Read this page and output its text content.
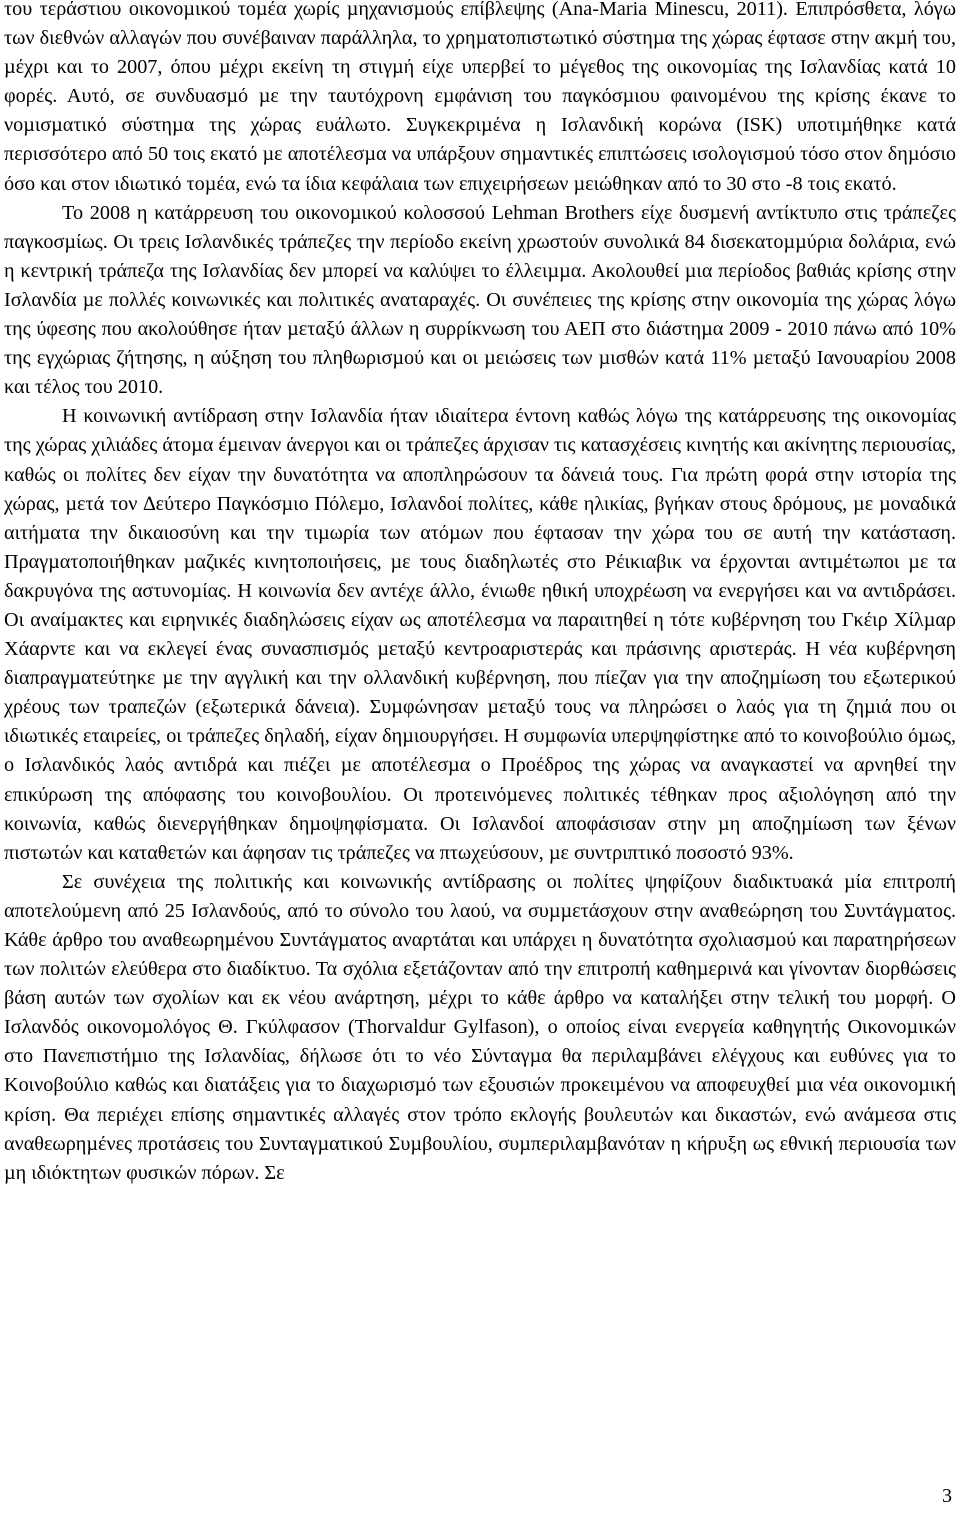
του τεράστιου οικονοµικού τοµέα χωρίς µηχανισµούς επίβλεψης (Ana-Maria Minescu, 2011). Επιπρόσθετα, λόγω των διεθνών αλλαγών που συνέβαιναν παράλληλα, το χρηµατοπιστωτικό σύστηµα της χώρας έφτασε στην ακµή του, µέχρι και το 2007, όπου µέχρι εκείνη τη στιγµή είχε υπερβεί το µέγεθος της οικονοµίας της Ισλανδίας κατά 10 φορές. Αυτό, σε συνδυασµό µε την ταυτόχρονη εµφάνιση του παγκόσµιου φαινοµένου της κρίσης έκανε το νοµισµατικό σύστηµα της χώρας ευάλωτο. Συγκεκριµένα η Ισλανδική κορώνα (ISK) υποτιµήθηκε κατά περισσότερο από 50 τοις εκατό µε αποτέλεσµα να υπάρξουν σηµαντικές επιπτώσεις ισολογισµού τόσο στον δηµόσιο όσο και στον ιδιωτικό τοµέα, ενώ τα ίδια κεφάλαια των επιχειρήσεων µειώθηκαν από το 30 στο -8 τοις εκατό.

Το 2008 η κατάρρευση του οικονοµικού κολοσσού Lehman Brothers είχε δυσµενή αντίκτυπο στις τράπεζες παγκοσµίως. Οι τρεις Ισλανδικές τράπεζες την περίοδο εκείνη χρωστούν συνολικά 84 δισεκατοµµύρια δολάρια, ενώ η κεντρική τράπεζα της Ισλανδίας δεν µπορεί να καλύψει το έλλειµµα. Ακολουθεί µια περίοδος βαθιάς κρίσης στην Ισλανδία µε πολλές κοινωνικές και πολιτικές αναταραχές. Οι συνέπειες της κρίσης στην οικονοµία της χώρας λόγω της ύφεσης που ακολούθησε ήταν µεταξύ άλλων η συρρίκνωση του ΑΕΠ στο διάστηµα 2009 - 2010 πάνω από 10% της εγχώριας ζήτησης, η αύξηση του πληθωρισµού και οι µειώσεις των µισθών κατά 11% µεταξύ Ιανουαρίου 2008 και τέλος του 2010.

Η κοινωνική αντίδραση στην Ισλανδία ήταν ιδιαίτερα έντονη καθώς λόγω της κατάρρευσης της οικονοµίας της χώρας χιλιάδες άτοµα έµειναν άνεργοι και οι τράπεζες άρχισαν τις κατασχέσεις κινητής και ακίνητης περιουσίας, καθώς οι πολίτες δεν είχαν την δυνατότητα να αποπληρώσουν τα δάνειά τους. Για πρώτη φορά στην ιστορία της χώρας, µετά τον ∆εύτερο Παγκόσµιο Πόλεµο, Ισλανδοί πολίτες, κάθε ηλικίας, βγήκαν στους δρόµους, µε µοναδικά αιτήµατα την δικαιοσύνη και την τιµωρία των ατόµων που έφτασαν την χώρα του σε αυτή την κατάσταση. Πραγµατοποιήθηκαν µαζικές κινητοποιήσεις, µε τους διαδηλωτές στο Ρέικιαβικ να έρχονται αντιµέτωποι µε τα δακρυγόνα της αστυνοµίας. Η κοινωνία δεν αντέχε άλλο, ένιωθε ηθική υποχρέωση να ενεργήσει και να αντιδράσει. Οι αναίµακτες και ειρηνικές διαδηλώσεις είχαν ως αποτέλεσµα να παραιτηθεί η τότε κυβέρνηση του Γκέιρ Χίλµαρ Χάαρντε και να εκλεγεί ένας συνασπισµός µεταξύ κεντροαριστεράς και πράσινης αριστεράς. Η νέα κυβέρνηση διαπραγµατεύτηκε µε την αγγλική και την ολλανδική κυβέρνηση, που πίεζαν για την αποζηµίωση του εξωτερικού χρέους των τραπεζών (εξωτερικά δάνεια). Συµφώνησαν µεταξύ τους να πληρώσει ο λαός για τη ζηµιά που οι ιδιωτικές εταιρείες, οι τράπεζες δηλαδή, είχαν δηµιουργήσει. Η συµφωνία υπερψηφίστηκε από το κοινοβούλιο όµως, ο Ισλανδικός λαός αντιδρά και πιέζει µε αποτέλεσµα ο Προέδρος της χώρας να αναγκαστεί να αρνηθεί την επικύρωση της απόφασης του κοινοβουλίου. Οι προτεινόµενες πολιτικές τέθηκαν προς αξιολόγηση από την κοινωνία, καθώς διενεργήθηκαν δηµοψηφίσµατα. Οι Ισλανδοί αποφάσισαν στην µη αποζηµίωση των ξένων πιστωτών και καταθετών και άφησαν τις τράπεζες να πτωχεύσουν, µε συντριπτικό ποσοστό 93%.

Σε συνέχεια της πολιτικής και κοινωνικής αντίδρασης οι πολίτες ψηφίζουν διαδικτυακά µία επιτροπή αποτελούµενη από 25 Ισλανδούς, από το σύνολο του λαού, να συµµετάσχουν στην αναθεώρηση του Συντάγµατος. Κάθε άρθρο του αναθεωρηµένου Συντάγµατος αναρτάται και υπάρχει η δυνατότητα σχολιασµού και παρατηρήσεων των πολιτών ελεύθερα στο διαδίκτυο. Τα σχόλια εξετάζονταν από την επιτροπή καθηµερινά και γίνονταν διορθώσεις βάση αυτών των σχολίων και εκ νέου ανάρτηση, µέχρι το κάθε άρθρο να καταλήξει στην τελική του µορφή. Ο Ισλανδός οικονοµολόγος Θ. Γκύλφασον (Thorvaldur Gylfason), ο οποίος είναι ενεργεία καθηγητής Οικονοµικών στο Πανεπιστήµιο της Ισλανδίας, δήλωσε ότι το νέο Σύνταγµα θα περιλαµβάνει ελέγχους και ευθύνες για το Κοινοβούλιο καθώς και διατάξεις για το διαχωρισµό των εξουσιών προκειµένου να αποφευχθεί µια νέα οικονοµική κρίση. Θα περιέχει επίσης σηµαντικές αλλαγές στον τρόπο εκλογής βουλευτών και δικαστών, ενώ ανάµεσα στις αναθεωρηµένες προτάσεις του Συνταγµατικού Συµβουλίου, συµπεριλαµβανόταν η κήρυξη ως εθνική περιουσία των µη ιδιόκτητων φυσικών πόρων. Σε

3
